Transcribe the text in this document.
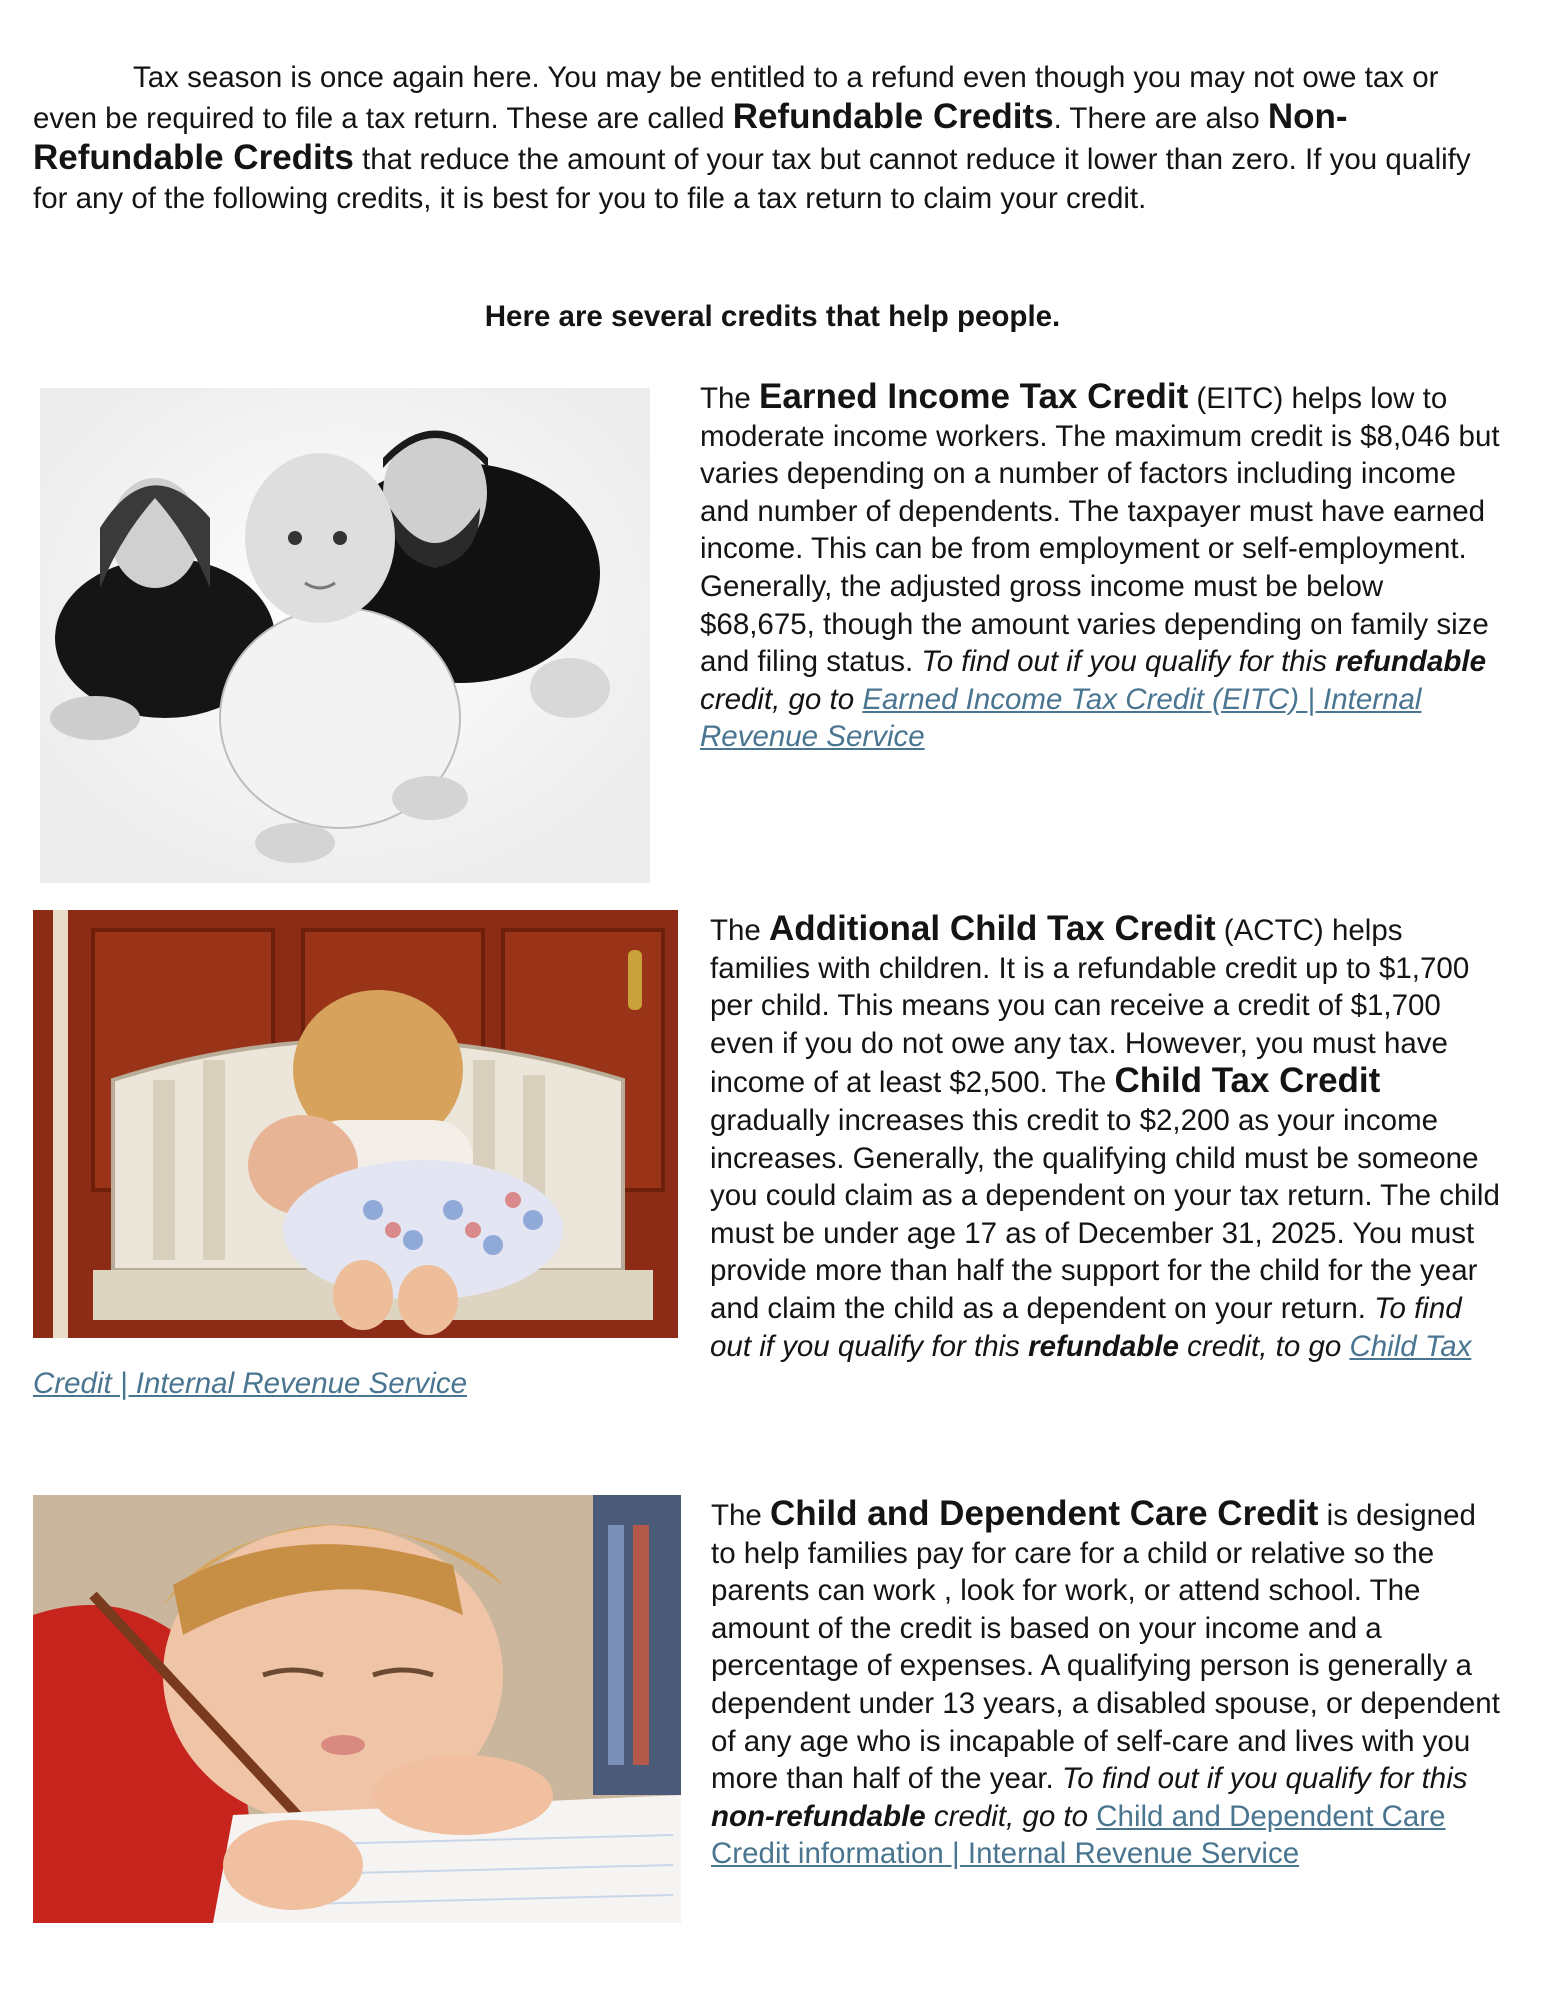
Tax season is once again here. You may be entitled to a refund even though you may not owe tax or even be required to file a tax return. These are called Refundable Credits. There are also Non-Refundable Credits that reduce the amount of your tax but cannot reduce it lower than zero. If you qualify for any of the following credits, it is best for you to file a tax return to claim your credit.
Here are several credits that help people.
The Earned Income Tax Credit (EITC) helps low to moderate income workers. The maximum credit is $8,046 but varies depending on a number of factors including income and number of dependents. The taxpayer must have earned income. This can be from employment or self-employment. Generally, the adjusted gross income must be below $68,675, though the amount varies depending on family size and filing status. To find out if you qualify for this refundable credit, go to Earned Income Tax Credit (EITC) | Internal Revenue Service
The Additional Child Tax Credit (ACTC) helps families with children. It is a refundable credit up to $1,700 per child. This means you can receive a credit of $1,700 even if you do not owe any tax. However, you must have income of at least $2,500. The Child Tax Credit gradually increases this credit to $2,200 as your income increases. Generally, the qualifying child must be someone you could claim as a dependent on your tax return. The child must be under age 17 as of December 31, 2025. You must provide more than half the support for the child for the year and claim the child as a dependent on your return. To find out if you qualify for this refundable credit, to go Child Tax Credit | Internal Revenue Service
The Child and Dependent Care Credit is designed to help families pay for care for a child or relative so the parents can work , look for work, or attend school. The amount of the credit is based on your income and a percentage of expenses. A qualifying person is generally a dependent under 13 years, a disabled spouse, or dependent of any age who is incapable of self-care and lives with you more than half of the year. To find out if you qualify for this non-refundable credit, go to Child and Dependent Care Credit information | Internal Revenue Service
